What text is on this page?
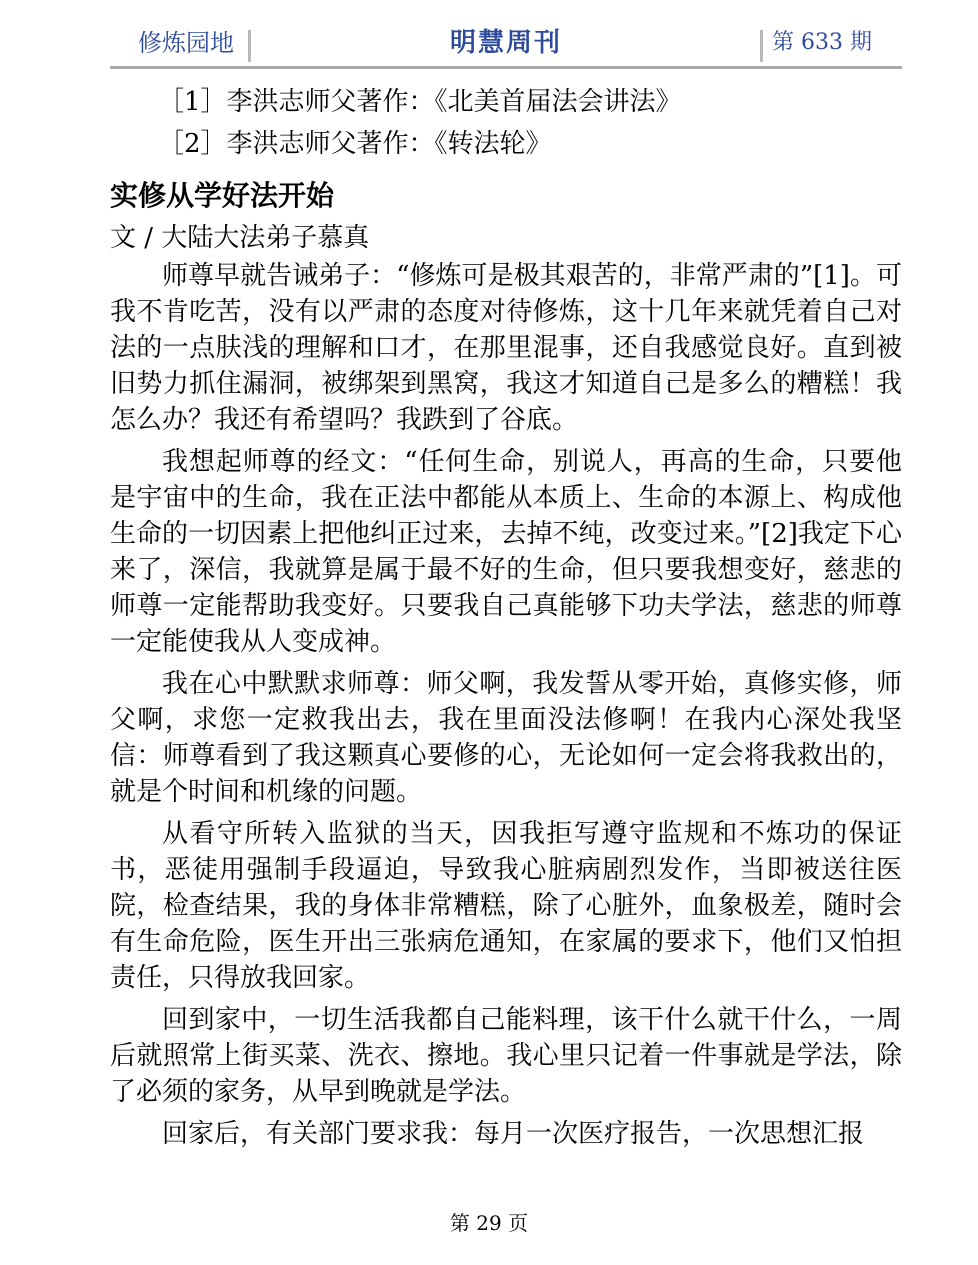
修炼园地	明慧周刊	第 633 期

［1］李洪志师父著作：《北美首届法会讲法》

［2］李洪志师父著作：《转法轮》

实修从学好法开始

文 / 大陆大法弟子慕真

师尊早就告诫弟子：“修炼可是极其艰苦的，非常严肃的”[1]。可我不肯吃苦，没有以严肃的态度对待修炼，这十几年来就凭着自己对法的一点肤浅的理解和口才，在那里混事，还自我感觉良好。直到被旧势力抓住漏洞，被绑架到黑窝，我这才知道自己是多么的糟糕！我怎么办？我还有希望吗？我跌到了谷底。

我想起师尊的经文：“任何生命，别说人，再高的生命，只要他是宇宙中的生命，我在正法中都能从本质上、生命的本源上、构成他生命的一切因素上把他纠正过来，去掉不纯，改变过来。”[2]我定下心来了，深信，我就算是属于最不好的生命，但只要我想变好，慈悲的师尊一定能帮助我变好。只要我自己真能够下功夫学法，慈悲的师尊一定能使我从人变成神。

我在心中默默求师尊：师父啊，我发誓从零开始，真修实修，师父啊，求您一定救我出去，我在里面没法修啊！在我内心深处我坚信：师尊看到了我这颗真心要修的心，无论如何一定会将我救出的，就是个时间和机缘的问题。

从看守所转入监狱的当天，因我拒写遵守监规和不炼功的保证书，恶徒用强制手段逼迫，导致我心脏病剧烈发作，当即被送往医院，检查结果，我的身体非常糟糕，除了心脏外，血象极差，随时会有生命危险，医生开出三张病危通知，在家属的要求下，他们又怕担责任，只得放我回家。

回到家中，一切生活我都自己能料理，该干什么就干什么，一周后就照常上街买菜、洗衣、擦地。我心里只记着一件事就是学法，除了必须的家务，从早到晚就是学法。

回家后，有关部门要求我：每月一次医疗报告，一次思想汇报

第 29 页
